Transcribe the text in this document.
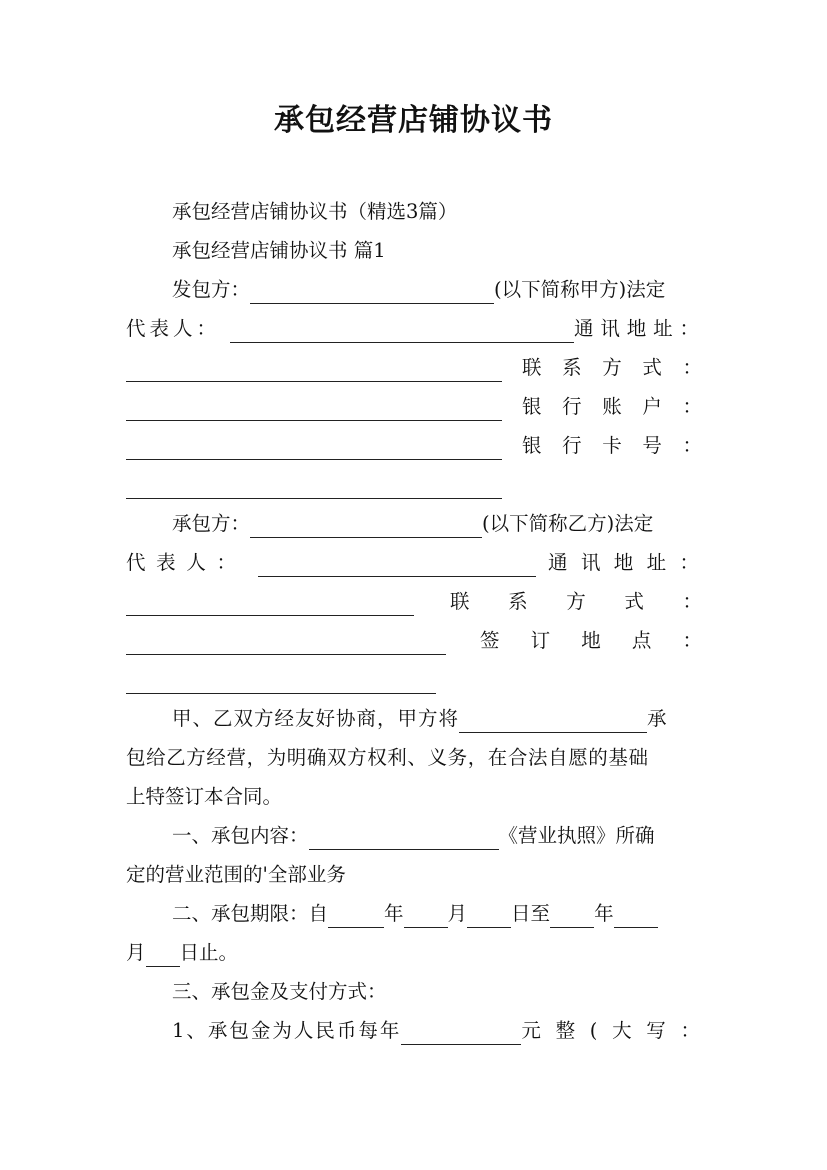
承包经营店铺协议书
承包经营店铺协议书（精选3篇）
承包经营店铺协议书 篇1
发包方：	(以下简称甲方)法定
代表人：	通讯地址：
联 系 方 式 ：
银 行 账 户 ：
银 行 卡 号 ：
承包方：	(以下简称乙方)法定
代 表 人 ：	通讯地址：
联 系 方 式 ：
签 订 地 点 ：
甲、乙双方经友好协商，甲方将	承
包给乙方经营，为明确双方权利、义务，在合法自愿的基础
上特签订本合同。
一、承包内容：	《营业执照》所确
定的营业范围的'全部业务
二、承包期限：自	年 月 日至 年
月 日止。
三、承包金及支付方式：
1、承包金为人民币每年	元整(大写：
